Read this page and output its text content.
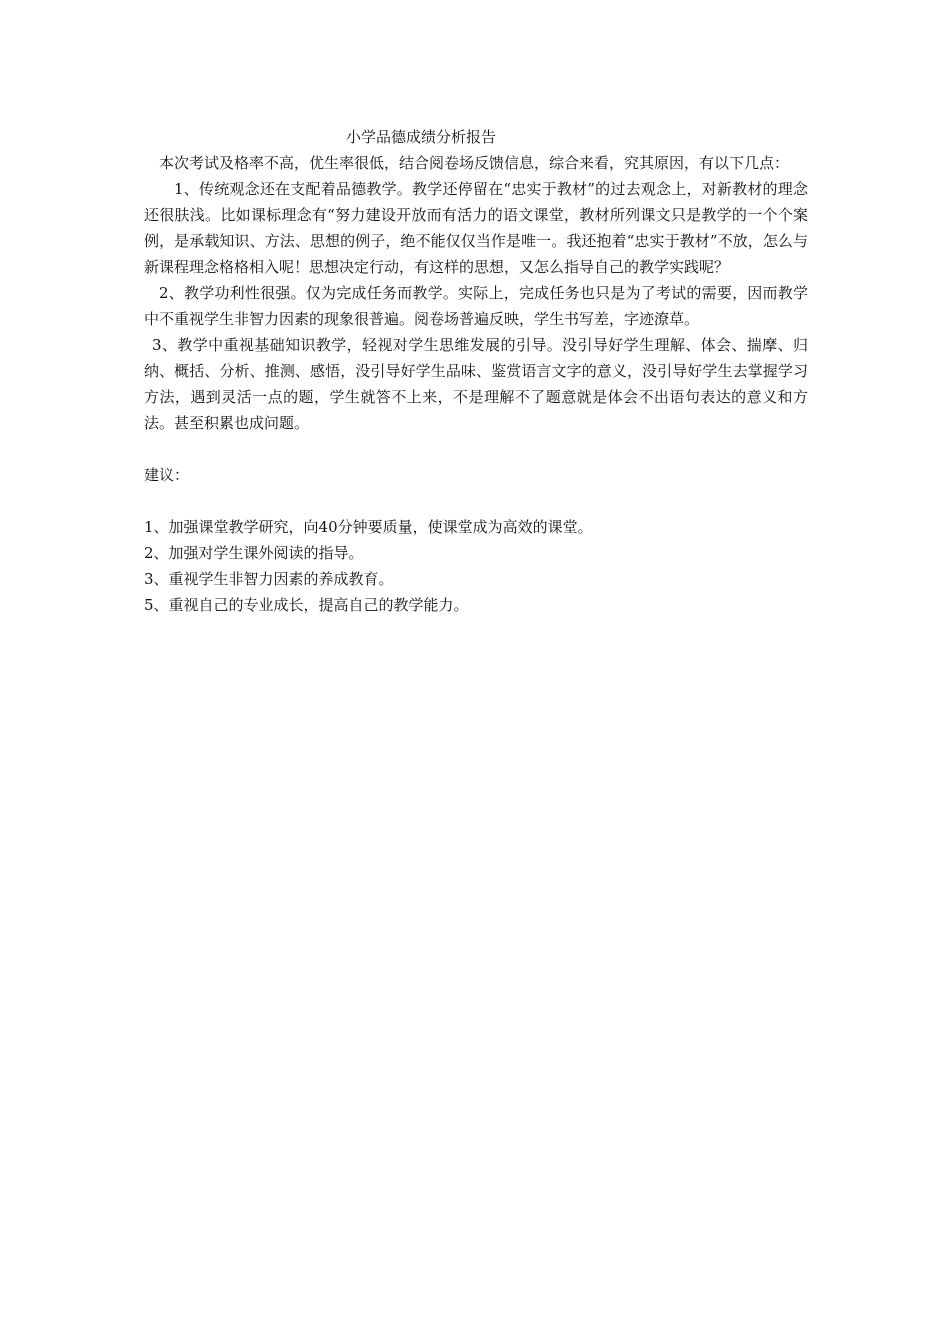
小学品德成绩分析报告

本次考试及格率不高，优生率很低，结合阅卷场反馈信息，综合来看，究其原因，有以下几点：

1、传统观念还在支配着品德教学。教学还停留在“忠实于教材”的过去观念上，对新教材的理念还很肤浅。比如课标理念有“努力建设开放而有活力的语文课堂，教材所列课文只是教学的一个个案例，是承载知识、方法、思想的例子，绝不能仅仅当作是唯一。我还抱着“忠实于教材”不放，怎么与新课程理念格格相入呢！思想决定行动，有这样的思想，又怎么指导自己的教学实践呢？

2、教学功利性很强。仅为完成任务而教学。实际上，完成任务也只是为了考试的需要，因而教学中不重视学生非智力因素的现象很普遍。阅卷场普遍反映，学生书写差，字迹潦草。

3、教学中重视基础知识教学，轻视对学生思维发展的引导。没引导好学生理解、体会、揣摩、归纳、概括、分析、推测、感悟，没引导好学生品味、鉴赏语言文字的意义，没引导好学生去掌握学习方法，遇到灵活一点的题，学生就答不上来，不是理解不了题意就是体会不出语句表达的意义和方法。甚至积累也成问题。

建议：

1、加强课堂教学研究，向40分钟要质量，使课堂成为高效的课堂。
2、加强对学生课外阅读的指导。
3、重视学生非智力因素的养成教育。
5、重视自己的专业成长，提高自己的教学能力。
